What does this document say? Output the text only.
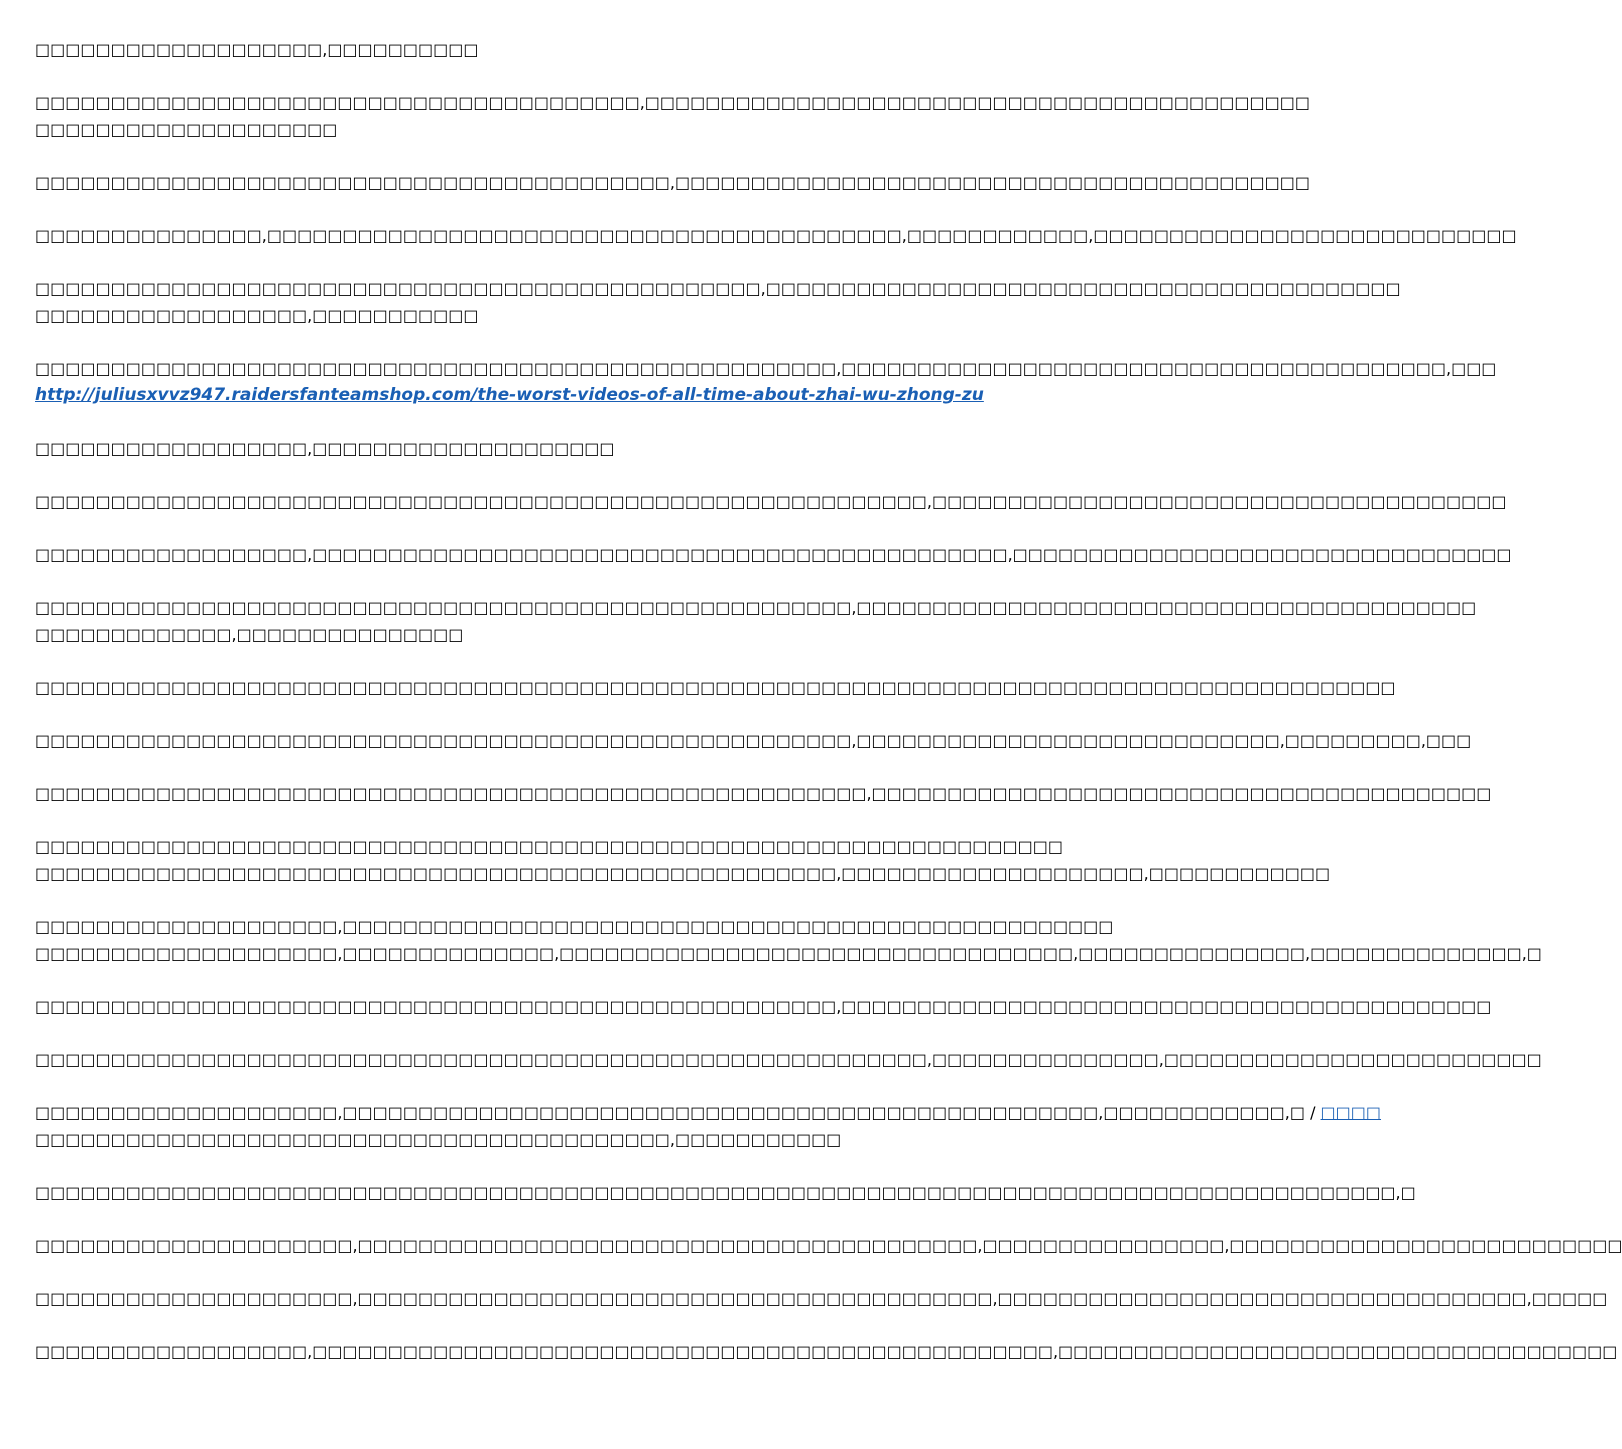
□□□□□□□□□□□□□□□□□□□,□□□□□□□□□□

□□□□□□□□□□□□□□□□□□□□□□□□□□□□□□□□□□□□□□□□,□□□□□□□□□□□□□□□□□□□□□□□□□□□□□□□□□□□□□□□□□□□□
□□□□□□□□□□□□□□□□□□□□

□□□□□□□□□□□□□□□□□□□□□□□□□□□□□□□□□□□□□□□□□□,□□□□□□□□□□□□□□□□□□□□□□□□□□□□□□□□□□□□□□□□□□

□□□□□□□□□□□□□□□,□□□□□□□□□□□□□□□□□□□□□□□□□□□□□□□□□□□□□□□□□□,□□□□□□□□□□□□,□□□□□□□□□□□□□□□□□□□□□□□□□□□□

□□□□□□□□□□□□□□□□□□□□□□□□□□□□□□□□□□□□□□□□□□□□□□□□,□□□□□□□□□□□□□□□□□□□□□□□□□□□□□□□□□□□□□□□□□□
□□□□□□□□□□□□□□□□□□,□□□□□□□□□□□

□□□□□□□□□□□□□□□□□□□□□□□□□□□□□□□□□□□□□□□□□□□□□□□□□□□□□,□□□□□□□□□□□□□□□□□□□□□□□□□□□□□□□□□□□□□□□□,□□□
http://juliusxvvz947.raidersfanteamshop.com/the-worst-videos-of-all-time-about-zhai-wu-zhong-zu

□□□□□□□□□□□□□□□□□□,□□□□□□□□□□□□□□□□□□□□

□□□□□□□□□□□□□□□□□□□□□□□□□□□□□□□□□□□□□□□□□□□□□□□□□□□□□□□□□□□,□□□□□□□□□□□□□□□□□□□□□□□□□□□□□□□□□□□□□□

□□□□□□□□□□□□□□□□□□,□□□□□□□□□□□□□□□□□□□□□□□□□□□□□□□□□□□□□□□□□□□□□□,□□□□□□□□□□□□□□□□□□□□□□□□□□□□□□□□□

□□□□□□□□□□□□□□□□□□□□□□□□□□□□□□□□□□□□□□□□□□□□□□□□□□□□□□,□□□□□□□□□□□□□□□□□□□□□□□□□□□□□□□□□□□□□□□□□
□□□□□□□□□□□□□,□□□□□□□□□□□□□□□

□□□□□□□□□□□□□□□□□□□□□□□□□□□□□□□□□□□□□□□□□□□□□□□□□□□□□□□□□□□□□□□□□□□□□□□□□□□□□□□□□□□□□□□□□□

□□□□□□□□□□□□□□□□□□□□□□□□□□□□□□□□□□□□□□□□□□□□□□□□□□□□□□,□□□□□□□□□□□□□□□□□□□□□□□□□□□□,□□□□□□□□□,□□□

□□□□□□□□□□□□□□□□□□□□□□□□□□□□□□□□□□□□□□□□□□□□□□□□□□□□□□□,□□□□□□□□□□□□□□□□□□□□□□□□□□□□□□□□□□□□□□□□□

□□□□□□□□□□□□□□□□□□□□□□□□□□□□□□□□□□□□□□□□□□□□□□□□□□□□□□□□□□□□□□□□□□□□
□□□□□□□□□□□□□□□□□□□□□□□□□□□□□□□□□□□□□□□□□□□□□□□□□□□□□,□□□□□□□□□□□□□□□□□□□□,□□□□□□□□□□□□

□□□□□□□□□□□□□□□□□□□□,□□□□□□□□□□□□□□□□□□□□□□□□□□□□□□□□□□□□□□□□□□□□□□□□□□□
□□□□□□□□□□□□□□□□□□□□,□□□□□□□□□□□□□□,□□□□□□□□□□□□□□□□□□□□□□□□□□□□□□□□□□,□□□□□□□□□□□□□□□,□□□□□□□□□□□□□□,□

□□□□□□□□□□□□□□□□□□□□□□□□□□□□□□□□□□□□□□□□□□□□□□□□□□□□□,□□□□□□□□□□□□□□□□□□□□□□□□□□□□□□□□□□□□□□□□□□□

□□□□□□□□□□□□□□□□□□□□□□□□□□□□□□□□□□□□□□□□□□□□□□□□□□□□□□□□□□□,□□□□□□□□□□□□□□□,□□□□□□□□□□□□□□□□□□□□□□□□□

□□□□□□□□□□□□□□□□□□□□,□□□□□□□□□□□□□□□□□□□□□□□□□□□□□□□□□□□□□□□□□□□□□□□□□□,□□□□□□□□□□□□,□ / □□□□
□□□□□□□□□□□□□□□□□□□□□□□□□□□□□□□□□□□□□□□□□□,□□□□□□□□□□□

□□□□□□□□□□□□□□□□□□□□□□□□□□□□□□□□□□□□□□□□□□□□□□□□□□□□□□□□□□□□□□□□□□□□□□□□□□□□□□□□□□□□□□□□□□,□

□□□□□□□□□□□□□□□□□□□□□,□□□□□□□□□□□□□□□□□□□□□□□□□□□□□□□□□□□□□□□□□,□□□□□□□□□□□□□□□□,□□□□□□□□□□□□□□□□□□□□□□□□□□

□□□□□□□□□□□□□□□□□□□□□,□□□□□□□□□□□□□□□□□□□□□□□□□□□□□□□□□□□□□□□□□□,□□□□□□□□□□□□□□□□□□□□□□□□□□□□□□□□□□□,□□□□□

□□□□□□□□□□□□□□□□□□,□□□□□□□□□□□□□□□□□□□□□□□□□□□□□□□□□□□□□□□□□□□□□□□□□,□□□□□□□□□□□□□□□□□□□□□□□□□□□□□□□□□□□□□
